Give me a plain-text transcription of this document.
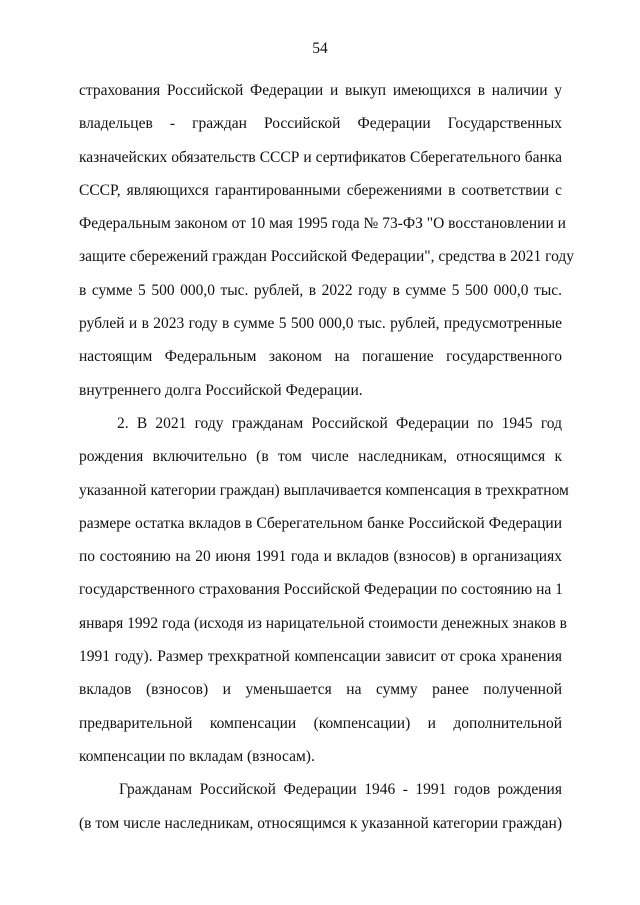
54
страхования Российской Федерации и выкуп имеющихся в наличии у
владельцев - граждан Российской Федерации Государственных
казначейских обязательств СССР и сертификатов Сберегательного банка
СССР, являющихся гарантированными сбережениями в соответствии с
Федеральным законом от 10 мая 1995 года № 73-ФЗ "О восстановлении и
защите сбережений граждан Российской Федерации", средства в 2021 году
в сумме 5 500 000,0 тыс. рублей, в 2022 году в сумме 5 500 000,0 тыс.
рублей и в 2023 году в сумме 5 500 000,0 тыс. рублей, предусмотренные
настоящим Федеральным законом на погашение государственного
внутреннего долга Российской Федерации.
2. В 2021 году гражданам Российской Федерации по 1945 год
рождения включительно (в том числе наследникам, относящимся к
указанной категории граждан) выплачивается компенсация в трехкратном
размере остатка вкладов в Сберегательном банке Российской Федерации
по состоянию на 20 июня 1991 года и вкладов (взносов) в организациях
государственного страхования Российской Федерации по состоянию на 1
января 1992 года (исходя из нарицательной стоимости денежных знаков в
1991 году). Размер трехкратной компенсации зависит от срока хранения
вкладов (взносов) и уменьшается на сумму ранее полученной
предварительной компенсации (компенсации) и дополнительной
компенсации по вкладам (взносам).
Гражданам Российской Федерации 1946 - 1991 годов рождения
(в том числе наследникам, относящимся к указанной категории граждан)
